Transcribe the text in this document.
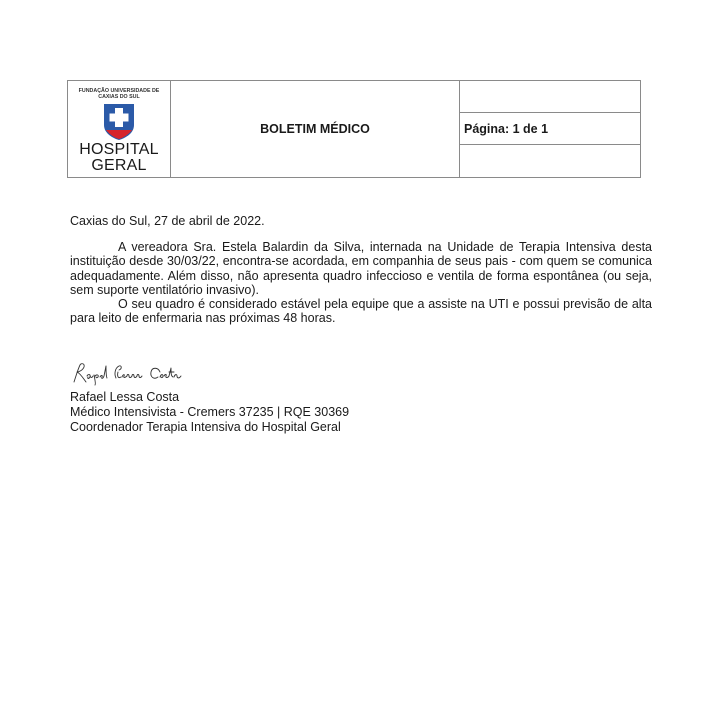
FUNDAÇÃO UNIVERSIDADE DE CAXIAS DO SUL
HOSPITAL
GERAL
	BOLETIM MÉDICO	
Página: 1 de 1

Caxias do Sul, 27 de abril de 2022.

A vereadora Sra. Estela Balardin da Silva, internada na Unidade de Terapia Intensiva desta instituição desde 30/03/22, encontra-se acordada, em companhia de seus pais - com quem se comunica adequadamente. Além disso, não apresenta quadro infeccioso e ventila de forma espontânea (ou seja, sem suporte ventilatório invasivo).

O seu quadro é considerado estável pela equipe que a assiste na UTI e possui previsão de alta para leito de enfermaria nas próximas 48 horas.

Rafael Lessa Costa
Médico Intensivista - Cremers 37235 | RQE 30369
Coordenador Terapia Intensiva do Hospital Geral
